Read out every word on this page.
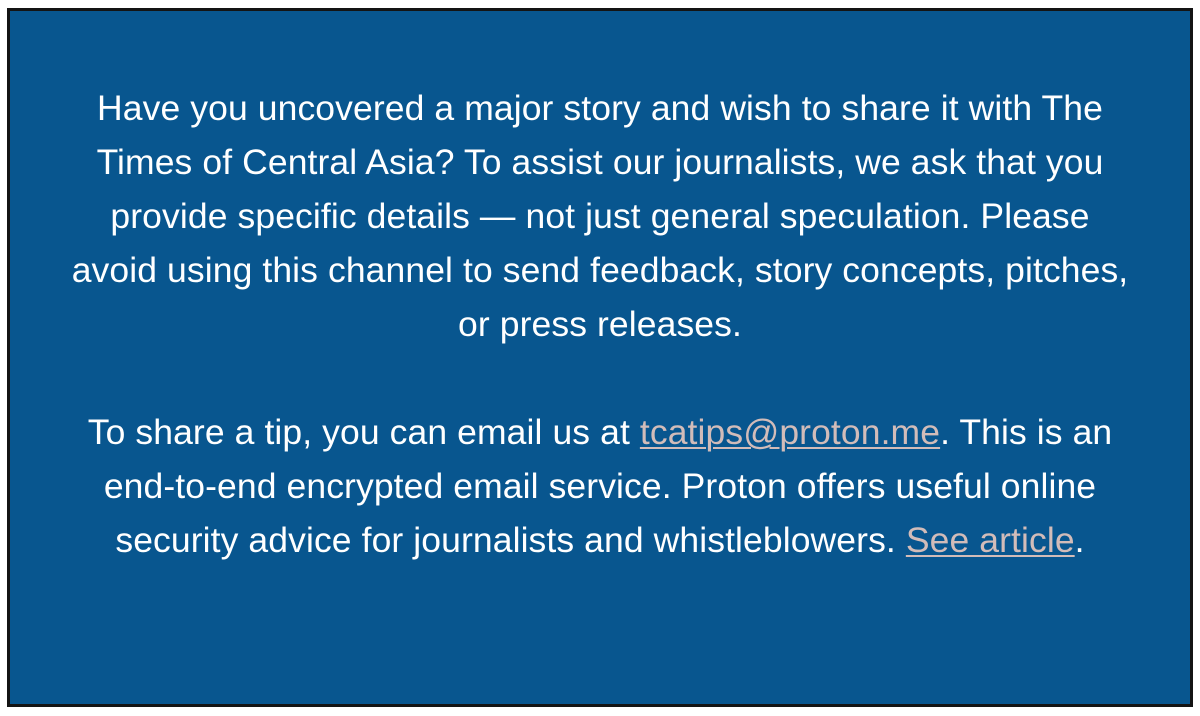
Have you uncovered a major story and wish to share it with The Times of Central Asia? To assist our journalists, we ask that you provide specific details — not just general speculation. Please avoid using this channel to send feedback, story concepts, pitches, or press releases.

To share a tip, you can email us at tcatips@proton.me. This is an end-to-end encrypted email service. Proton offers useful online security advice for journalists and whistleblowers. See article.
